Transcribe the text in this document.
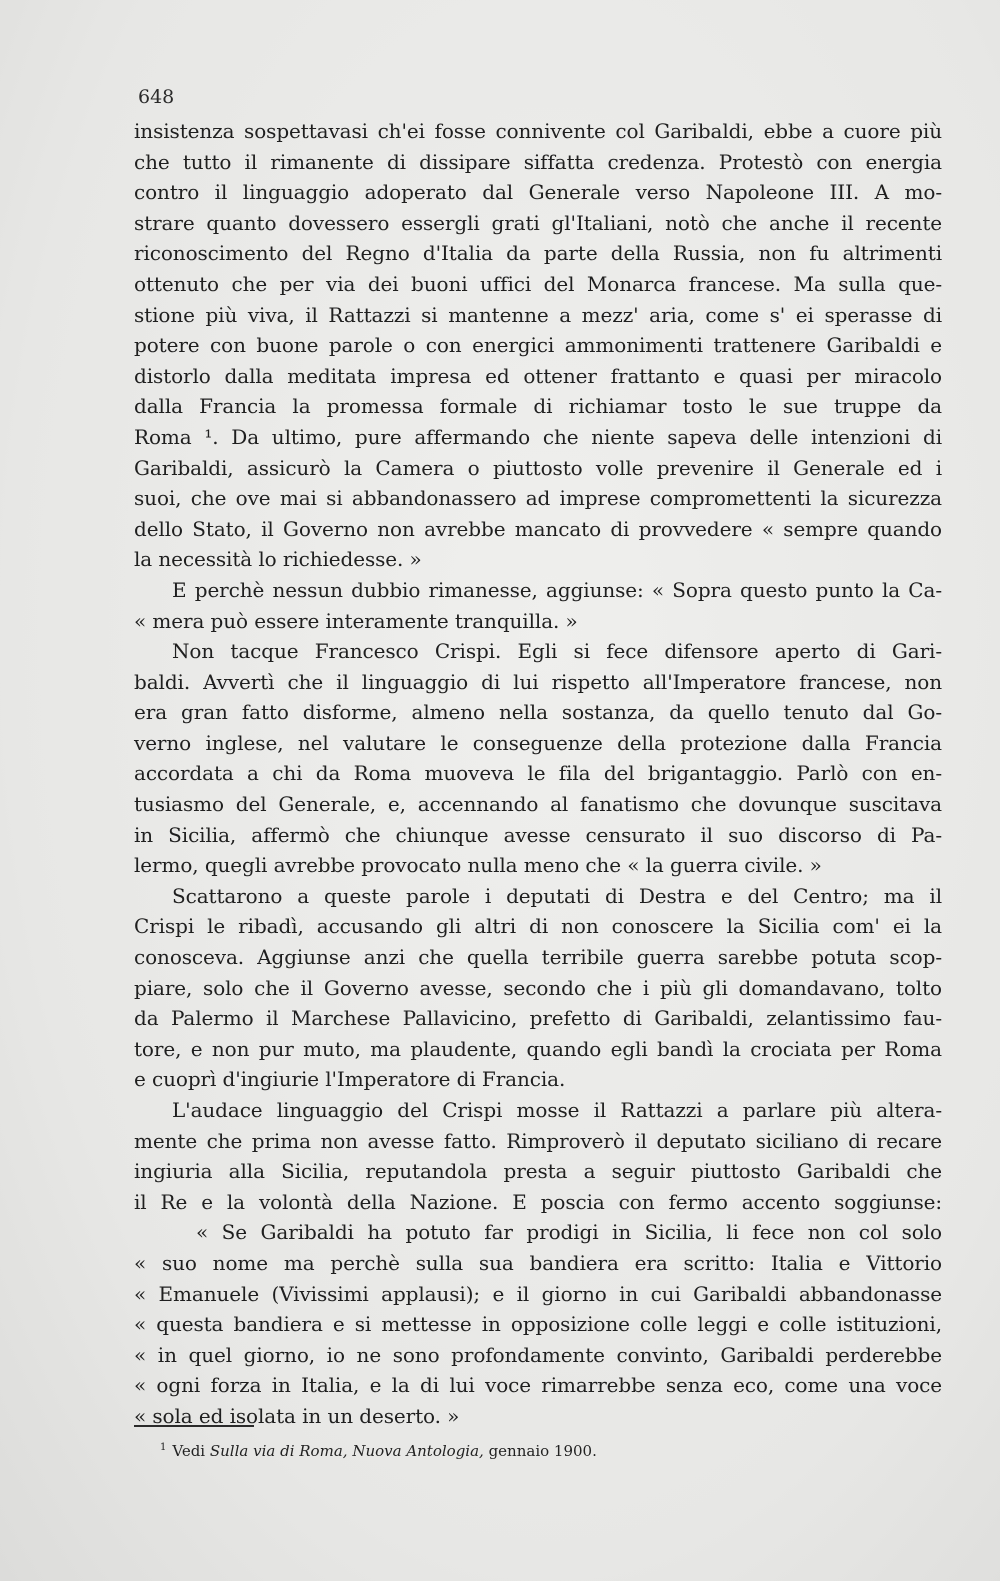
648

insistenza sospettavasi ch'ei fosse connivente col Garibaldi, ebbe a cuore più
che tutto il rimanente di dissipare siffatta credenza. Protestò con energia
contro il linguaggio adoperato dal Generale verso Napoleone III. A mo-
strare quanto dovessero essergli grati gl'Italiani, notò che anche il recente
riconoscimento del Regno d'Italia da parte della Russia, non fu altrimenti
ottenuto che per via dei buoni uffici del Monarca francese. Ma sulla que-
stione più viva, il Rattazzi si mantenne a mezz' aria, come s' ei sperasse di
potere con buone parole o con energici ammonimenti trattenere Garibaldi e
distorlo dalla meditata impresa ed ottener frattanto e quasi per miracolo
dalla Francia la promessa formale di richiamar tosto le sue truppe da
Roma ¹. Da ultimo, pure affermando che niente sapeva delle intenzioni di
Garibaldi, assicurò la Camera o piuttosto volle prevenire il Generale ed i
suoi, che ove mai si abbandonassero ad imprese compromettenti la sicurezza
dello Stato, il Governo non avrebbe mancato di provvedere « sempre quando
la necessità lo richiedesse. »
E perchè nessun dubbio rimanesse, aggiunse: « Sopra questo punto la Ca-
« mera può essere interamente tranquilla. »
Non tacque Francesco Crispi. Egli si fece difensore aperto di Gari-
baldi. Avvertì che il linguaggio di lui rispetto all'Imperatore francese, non
era gran fatto disforme, almeno nella sostanza, da quello tenuto dal Go-
verno inglese, nel valutare le conseguenze della protezione dalla Francia
accordata a chi da Roma muoveva le fila del brigantaggio. Parlò con en-
tusiasmo del Generale, e, accennando al fanatismo che dovunque suscitava
in Sicilia, affermò che chiunque avesse censurato il suo discorso di Pa-
lermo, quegli avrebbe provocato nulla meno che « la guerra civile. »
Scattarono a queste parole i deputati di Destra e del Centro; ma il
Crispi le ribadì, accusando gli altri di non conoscere la Sicilia com' ei la
conosceva. Aggiunse anzi che quella terribile guerra sarebbe potuta scop-
piare, solo che il Governo avesse, secondo che i più gli domandavano, tolto
da Palermo il Marchese Pallavicino, prefetto di Garibaldi, zelantissimo fau-
tore, e non pur muto, ma plaudente, quando egli bandì la crociata per Roma
e cuoprì d'ingiurie l'Imperatore di Francia.
L'audace linguaggio del Crispi mosse il Rattazzi a parlare più altera-
mente che prima non avesse fatto. Rimproverò il deputato siciliano di recare
ingiuria alla Sicilia, reputandola presta a seguir piuttosto Garibaldi che
il Re e la volontà della Nazione. E poscia con fermo accento soggiunse:
« Se Garibaldi ha potuto far prodigi in Sicilia, li fece non col solo
« suo nome ma perchè sulla sua bandiera era scritto: Italia e Vittorio
« Emanuele (Vivissimi applausi); e il giorno in cui Garibaldi abbandonasse
« questa bandiera e si mettesse in opposizione colle leggi e colle istituzioni,
« in quel giorno, io ne sono profondamente convinto, Garibaldi perderebbe
« ogni forza in Italia, e la di lui voce rimarrebbe senza eco, come una voce
« sola ed isolata in un deserto. »

$^1$ Vedi Sulla via di Roma, Nuova Antologia, gennaio 1900.
